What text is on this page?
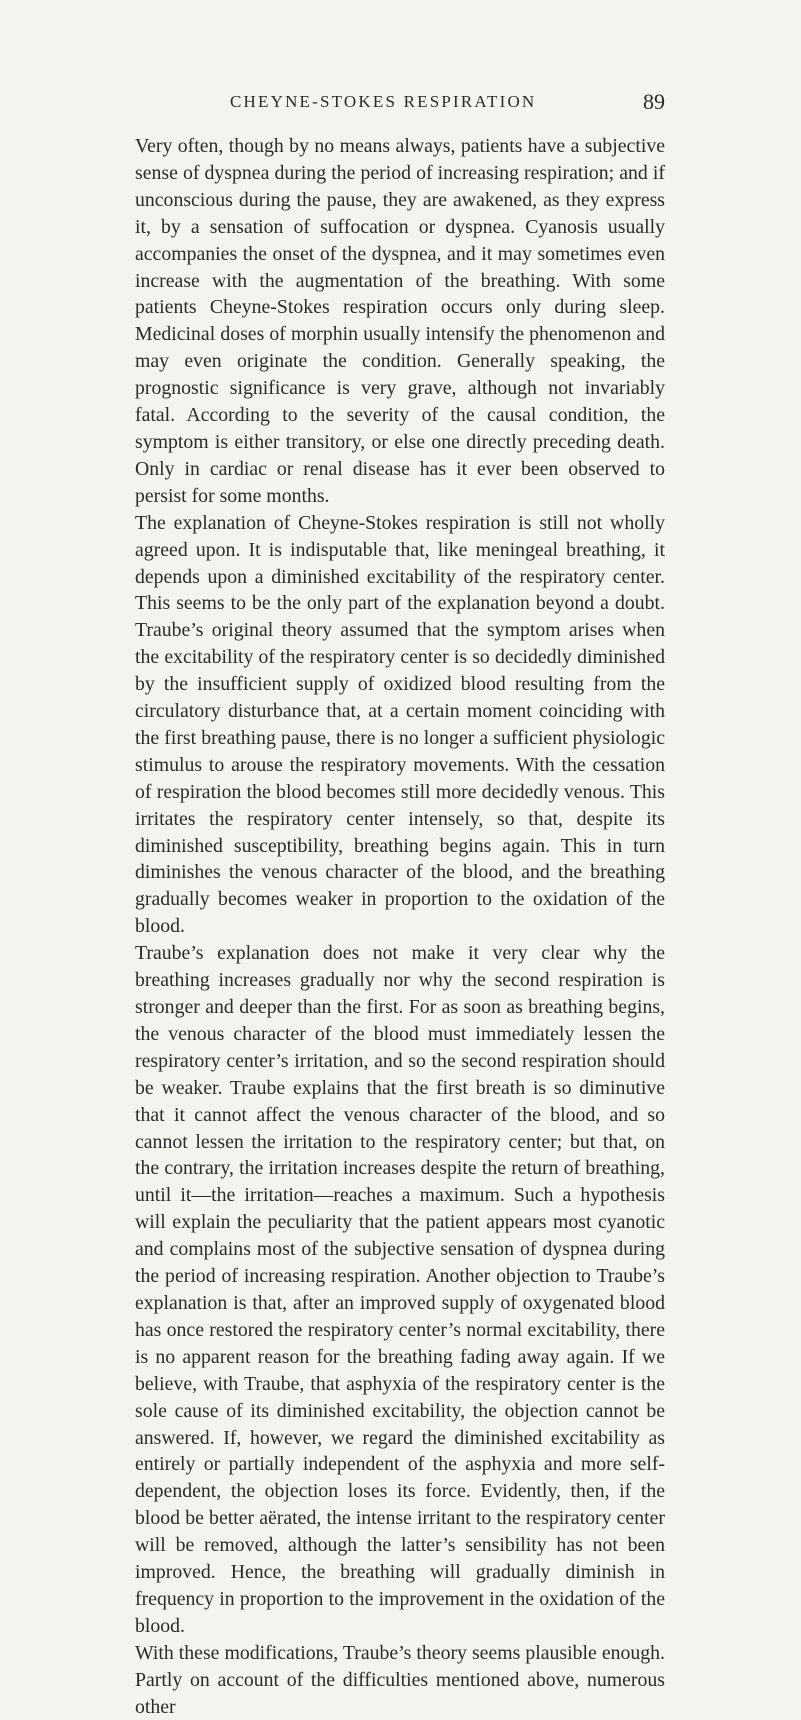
CHEYNE-STOKES RESPIRATION	89

Very often, though by no means always, patients have a subjective sense of dyspnea during the period of increasing respiration; and if unconscious during the pause, they are awakened, as they express it, by a sensation of suffocation or dyspnea. Cyanosis usually accompanies the onset of the dyspnea, and it may sometimes even increase with the augmentation of the breathing. With some patients Cheyne-Stokes respiration occurs only during sleep. Medicinal doses of morphin usually intensify the phenomenon and may even originate the condition. Generally speaking, the prognostic significance is very grave, although not invariably fatal. According to the severity of the causal condition, the symptom is either transitory, or else one directly preceding death. Only in cardiac or renal disease has it ever been observed to persist for some months.

The explanation of Cheyne-Stokes respiration is still not wholly agreed upon. It is indisputable that, like meningeal breathing, it depends upon a diminished excitability of the respiratory center. This seems to be the only part of the explanation beyond a doubt. Traube’s original theory assumed that the symptom arises when the excitability of the respiratory center is so decidedly diminished by the insufficient supply of oxidized blood resulting from the circulatory disturbance that, at a certain moment coinciding with the first breathing pause, there is no longer a sufficient physiologic stimulus to arouse the respiratory movements. With the cessation of respiration the blood becomes still more decidedly venous. This irritates the respiratory center intensely, so that, despite its diminished susceptibility, breathing begins again. This in turn diminishes the venous character of the blood, and the breathing gradually becomes weaker in proportion to the oxidation of the blood.

Traube’s explanation does not make it very clear why the breathing increases gradually nor why the second respiration is stronger and deeper than the first. For as soon as breathing begins, the venous character of the blood must immediately lessen the respiratory center’s irritation, and so the second respiration should be weaker. Traube explains that the first breath is so diminutive that it cannot affect the venous character of the blood, and so cannot lessen the irritation to the respiratory center; but that, on the contrary, the irritation increases despite the return of breathing, until it—the irritation—reaches a maximum. Such a hypothesis will explain the peculiarity that the patient appears most cyanotic and complains most of the subjective sensation of dyspnea during the period of increasing respiration. Another objection to Traube’s explanation is that, after an improved supply of oxygenated blood has once restored the respiratory center’s normal excitability, there is no apparent reason for the breathing fading away again. If we believe, with Traube, that asphyxia of the respiratory center is the sole cause of its diminished excitability, the objection cannot be answered. If, however, we regard the diminished excitability as entirely or partially independent of the asphyxia and more self-dependent, the objection loses its force. Evidently, then, if the blood be better aërated, the intense irritant to the respiratory center will be removed, although the latter’s sensibility has not been improved. Hence, the breathing will gradually diminish in frequency in proportion to the improvement in the oxidation of the blood.

With these modifications, Traube’s theory seems plausible enough. Partly on account of the difficulties mentioned above, numerous other
